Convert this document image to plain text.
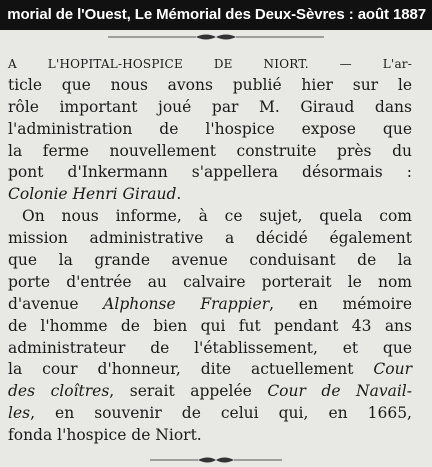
morial de l'Ouest, Le Mémorial des Deux-Sèvres : août 1887
A L'HOPITAL-HOSPICE DE NIORT. — L'ar-
ticle que nous avons publié hier sur le
rôle important joué par M. Giraud dans
l'administration de l'hospice expose que
la ferme nouvellement construite près du
pont d'Inkermann s'appellera désormais :
Colonie Henri Giraud.
On nous informe, à ce sujet, quela com
mission administrative a décidé également
que la grande avenue conduisant de la
porte d'entrée au calvaire porterait le nom
d'avenue Alphonse Frappier, en mémoire
de l'homme de bien qui fut pendant 43 ans
administrateur de l'établissement, et que
la cour d'honneur, dite actuellement Cour
des cloîtres, serait appelée Cour de Navail-
les, en souvenir de celui qui, en 1665,
fonda l'hospice de Niort.
